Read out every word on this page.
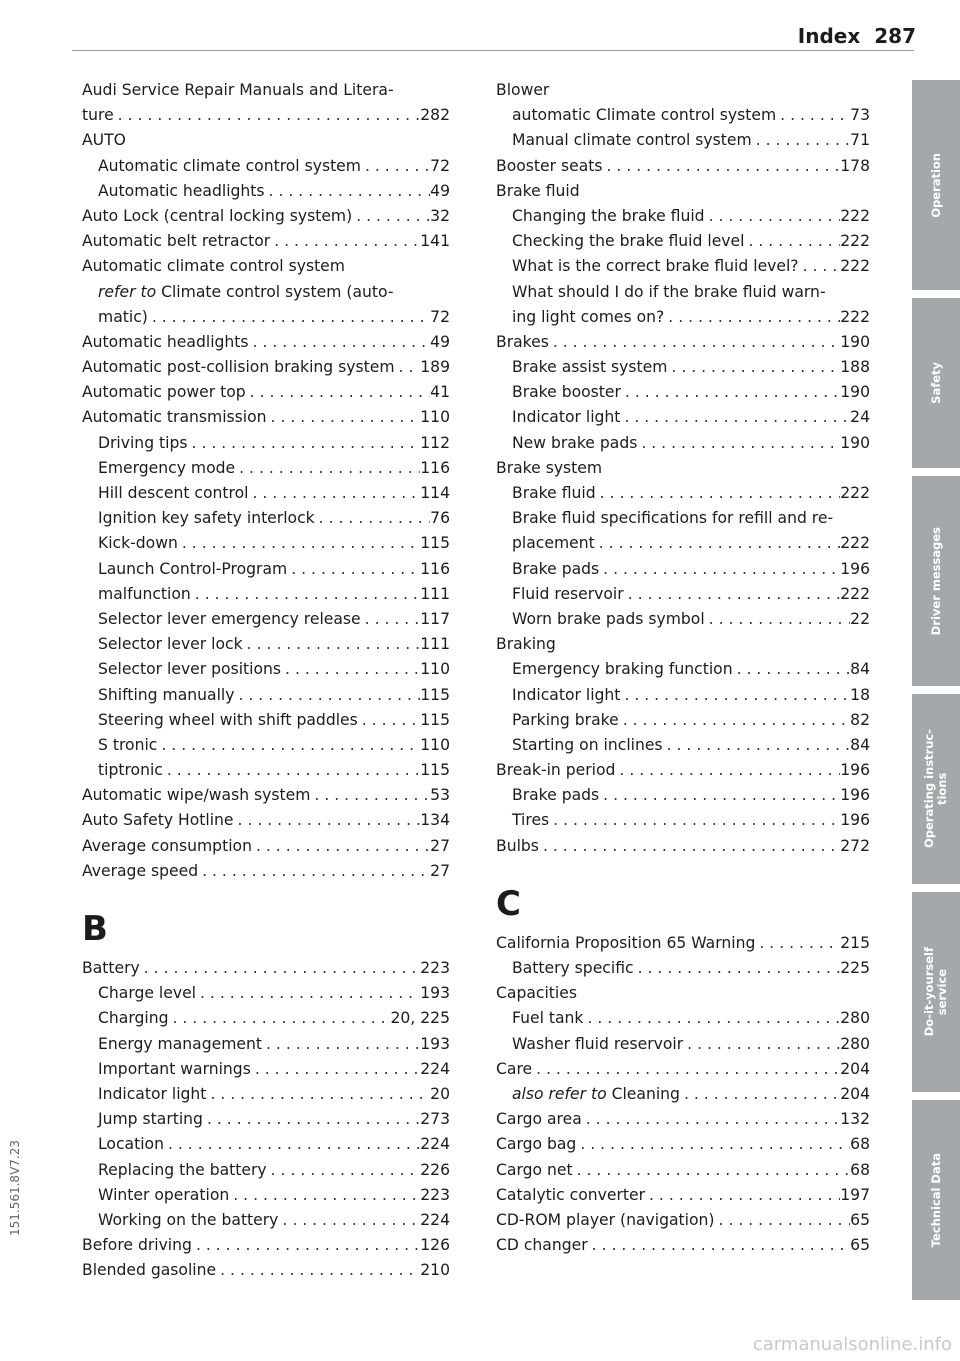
Index 287
Audi Service Repair Manuals and Litera-
ture . . .	282
AUTO
Automatic climate control system . . .	72
Automatic headlights . . .	49
Auto Lock (central locking system) . . .	32
Automatic belt retractor . . .	141
Automatic climate control system
refer to Climate control system (auto-
matic) . . .	72
Automatic headlights . . .	49
Automatic post-collision braking system . . . 189
Automatic power top . . .	41
Automatic transmission . . .	110
Driving tips . . .	112
Emergency mode . . .	116
Hill descent control . . .	114
Ignition key safety interlock . . .	76
Kick-down . . .	115
Launch Control-Program . . .	116
malfunction . . .	111
Selector lever emergency release . . .	117
Selector lever lock . . .	111
Selector lever positions . . .	110
Shifting manually . . .	115
Steering wheel with shift paddles . . .	115
S tronic . . .	110
tiptronic . . .	115
Automatic wipe/wash system . . .	53
Auto Safety Hotline . . .	134
Average consumption . . .	27
Average speed . . .	27
B
Battery . . .	223
Charge level . . .	193
Charging . . .	20, 225
Energy management . . .	193
Important warnings . . .	224
Indicator light . . .	20
Jump starting . . .	273
Location . . .	224
Replacing the battery . . .	226
Winter operation . . .	223
Working on the battery . . .	224
Before driving . . .	126
Blended gasoline . . .	210
Blower
automatic Climate control system . . .	73
Manual climate control system . . .	71
Booster seats . . .	178
Brake fluid
Changing the brake fluid . . .	222
Checking the brake fluid level . . .	222
What is the correct brake fluid level? . . .	222
What should I do if the brake fluid warn-
ing light comes on? . . .	222
Brakes . . .	190
Brake assist system . . .	188
Brake booster . . .	190
Indicator light . . .	24
New brake pads . . .	190
Brake system
Brake fluid . . .	222
Brake fluid specifications for refill and re-
placement . . .	222
Brake pads . . .	196
Fluid reservoir . . .	222
Worn brake pads symbol . . .	22
Braking
Emergency braking function . . .	84
Indicator light . . .	18
Parking brake . . .	82
Starting on inclines . . .	84
Break-in period . . .	196
Brake pads . . .	196
Tires . . .	196
Bulbs . . .	272
C
California Proposition 65 Warning . . .	215
Battery specific . . .	225
Capacities
Fuel tank . . .	280
Washer fluid reservoir . . .	280
Care . . .	204
also refer to Cleaning . . .	204
Cargo area . . .	132
Cargo bag . . .	68
Cargo net . . .	68
Catalytic converter . . .	197
CD-ROM player (navigation) . . .	65
CD changer . . .	65
Operation
Safety
Driver messages
Operating instruc-
tions
Do-it-yourself
service
Technical Data
151.561.8V7.23
carmanualsonline.info
